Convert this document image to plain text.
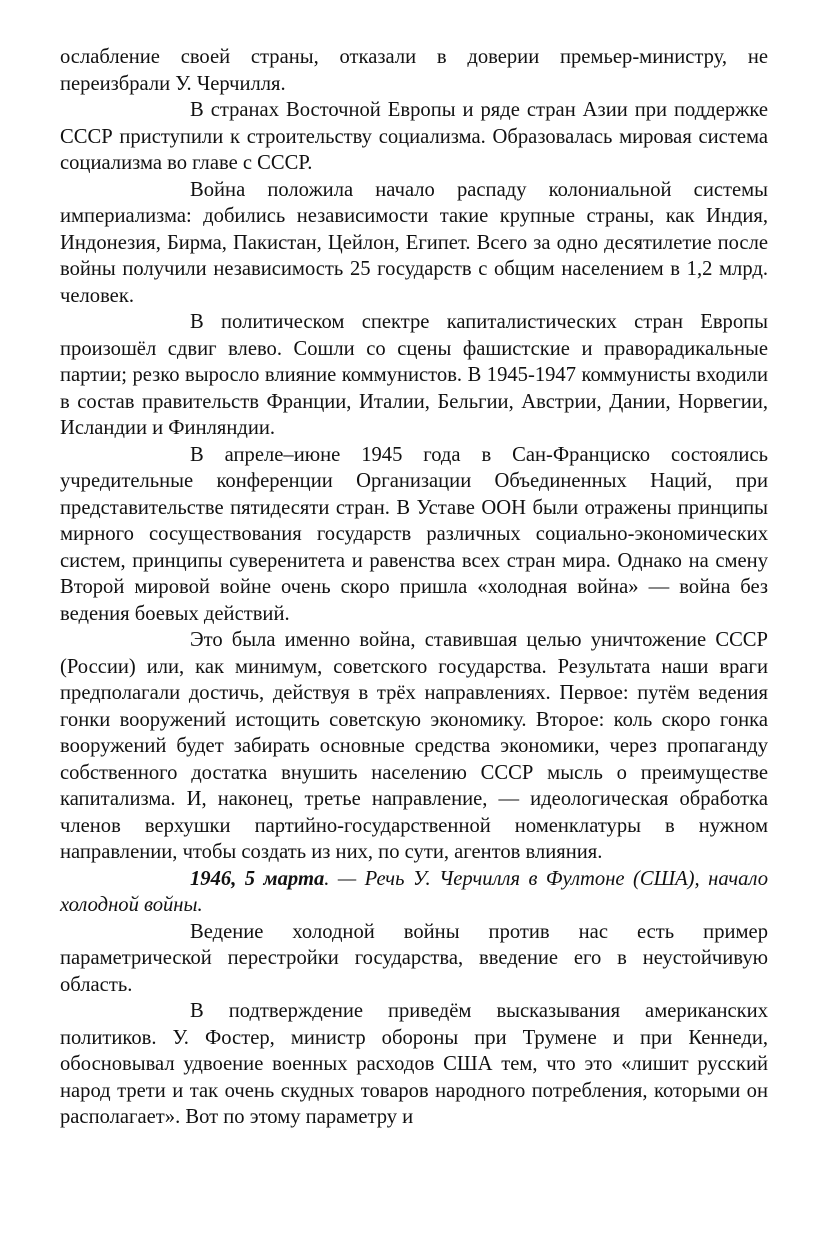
ослабление своей страны, отказали в доверии премьер-министру, не переизбрали У. Черчилля.

В странах Восточной Европы и ряде стран Азии при поддержке СССР приступили к строительству социализма. Образовалась мировая система социализма во главе с СССР.

Война положила начало распаду колониальной системы империализма: добились независимости такие крупные страны, как Индия, Индонезия, Бирма, Пакистан, Цейлон, Египет. Всего за одно десятилетие после войны получили независимость 25 государств с общим населением в 1,2 млрд. человек.

В политическом спектре капиталистических стран Европы произошёл сдвиг влево. Сошли со сцены фашистские и праворадикальные партии; резко выросло влияние коммунистов. В 1945-1947 коммунисты входили в состав правительств Франции, Италии, Бельгии, Австрии, Дании, Норвегии, Исландии и Финляндии.

В апреле–июне 1945 года в Сан-Франциско состоялись учредительные конференции Организации Объединенных Наций, при представительстве пятидесяти стран. В Уставе ООН были отражены принципы мирного сосуществования государств различных социально-экономических систем, принципы суверенитета и равенства всех стран мира. Однако на смену Второй мировой войне очень скоро пришла «холодная война» — война без ведения боевых действий.

Это была именно война, ставившая целью уничтожение СССР (России) или, как минимум, советского государства. Результата наши враги предполагали достичь, действуя в трёх направлениях. Первое: путём ведения гонки вооружений истощить советскую экономику. Второе: коль скоро гонка вооружений будет забирать основные средства экономики, через пропаганду собственного достатка внушить населению СССР мысль о преимуществе капитализма. И, наконец, третье направление, — идеологическая обработка членов верхушки партийно-государственной номенклатуры в нужном направлении, чтобы создать из них, по сути, агентов влияния.

1946, 5 марта. — Речь У. Черчилля в Фултоне (США), начало холодной войны.

Ведение холодной войны против нас есть пример параметрической перестройки государства, введение его в неустойчивую область.

В подтверждение приведём высказывания американских политиков. У. Фостер, министр обороны при Трумене и при Кеннеди, обосновывал удвоение военных расходов США тем, что это «лишит русский народ трети и так очень скудных товаров народного потребления, которыми он располагает». Вот по этому параметру и
